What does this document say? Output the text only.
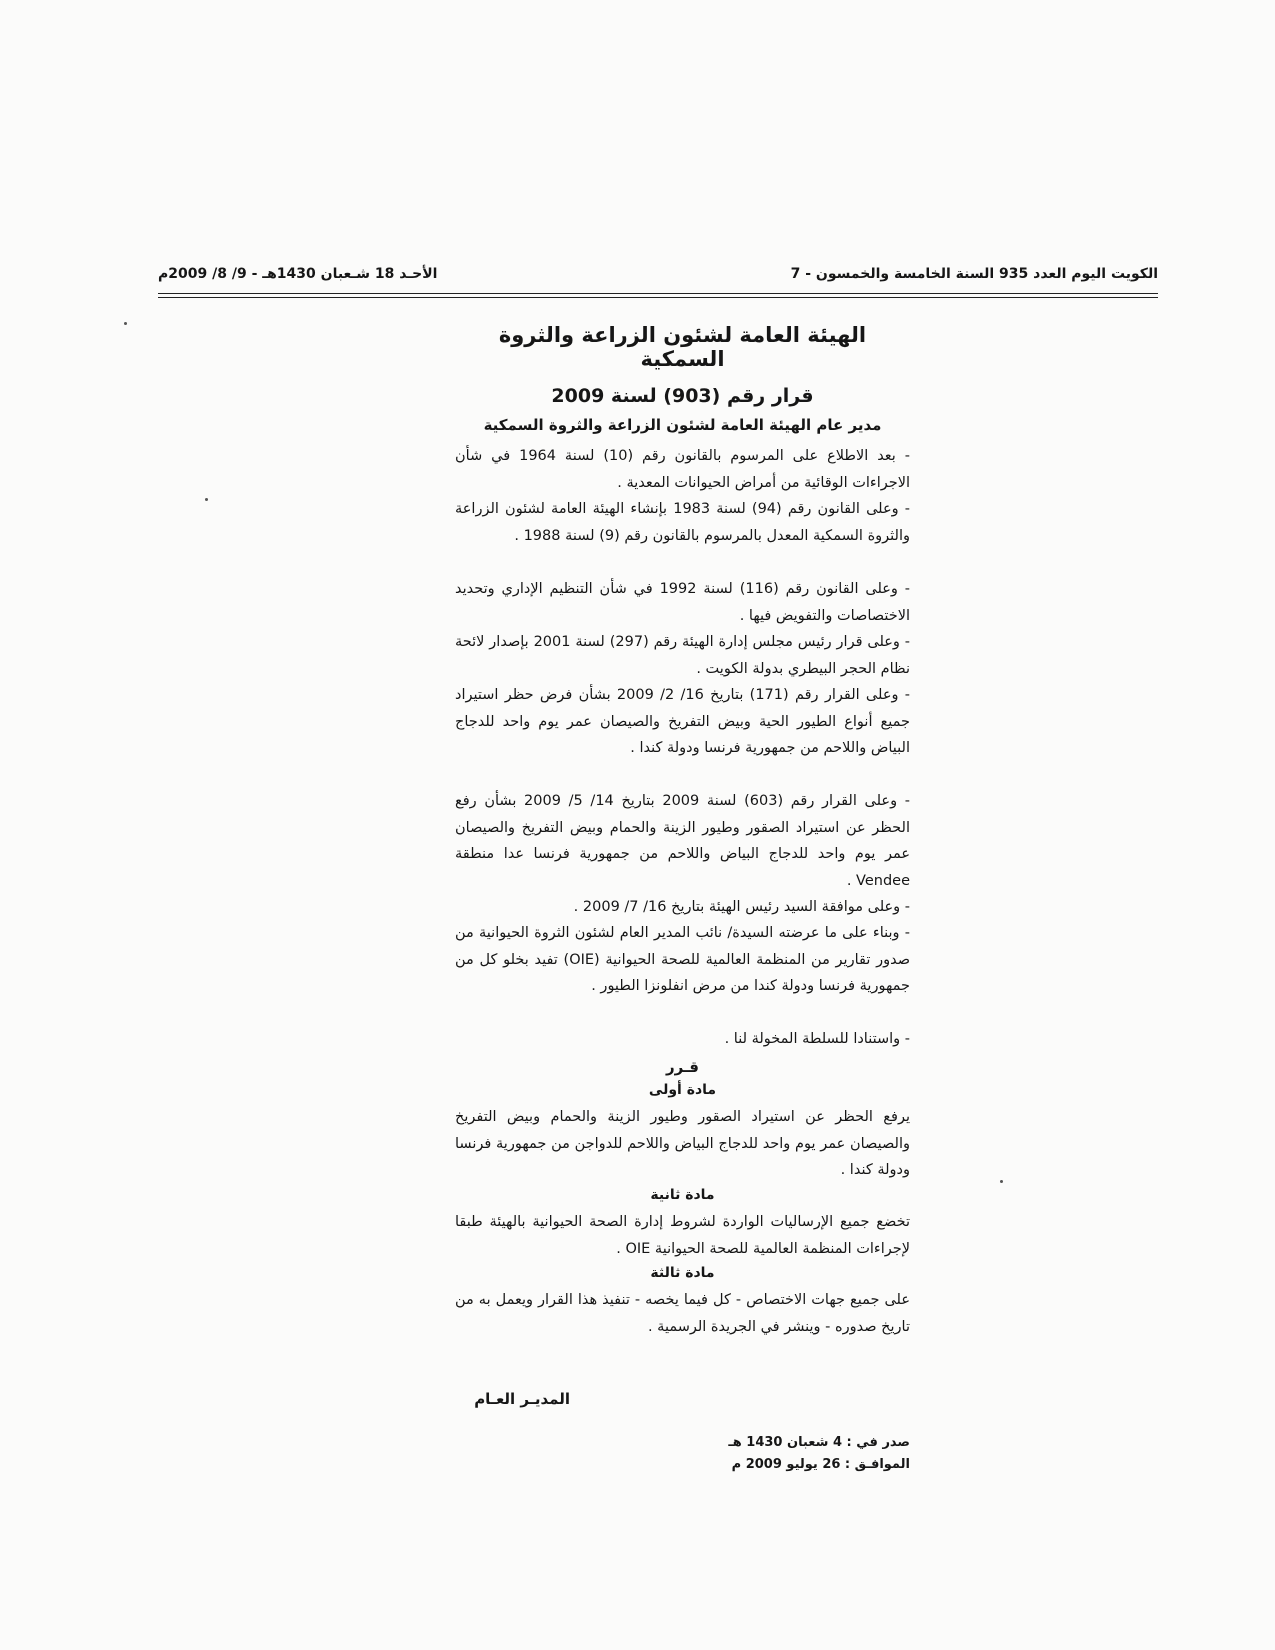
الأحـد 18 شـعبان 1430هـ - 9/ 8/ 2009م	الكويت اليوم العدد 935 السنة الخامسة والخمسون - 7
الهيئة العامة لشئون الزراعة والثروة السمكية
قرار رقم (903) لسنة 2009
مدير عام الهيئة العامة لشئون الزراعة والثروة السمكية

- بعد الاطلاع على المرسوم بالقانون رقم (10) لسنة 1964 في شأن الاجراءات الوقائية من أمراض الحيوانات المعدية .

- وعلى القانون رقم (94) لسنة 1983 بإنشاء الهيئة العامة لشئون الزراعة والثروة السمكية المعدل بالمرسوم بالقانون رقم (9) لسنة 1988 .

- وعلى القانون رقم (116) لسنة 1992 في شأن التنظيم الإداري وتحديد الاختصاصات والتفويض فيها .

- وعلى قرار رئيس مجلس إدارة الهيئة رقم (297) لسنة 2001 بإصدار لائحة نظام الحجر البيطري بدولة الكويت .

- وعلى القرار رقم (171) بتاريخ 16/ 2/ 2009 بشأن فرض حظر استيراد جميع أنواع الطيور الحية وبيض التفريخ والصيصان عمر يوم واحد للدجاج البياض واللاحم من جمهورية فرنسا ودولة كندا .

- وعلى القرار رقم (603) لسنة 2009 بتاريخ 14/ 5/ 2009 بشأن رفع الحظر عن استيراد الصقور وطيور الزينة والحمام وبيض التفريخ والصيصان عمر يوم واحد للدجاج البياض واللاحم من جمهورية فرنسا عدا منطقة Vendee .

- وعلى موافقة السيد رئيس الهيئة بتاريخ 16/ 7/ 2009 .

- وبناء على ما عرضته السيدة/ نائب المدير العام لشئون الثروة الحيوانية من صدور تقارير من المنظمة العالمية للصحة الحيوانية (OIE) تفيد بخلو كل من جمهورية فرنسا ودولة كندا من مرض انفلونزا الطيور .

- واستنادا للسلطة المخولة لنا .

قـرر

مادة أولى

يرفع الحظر عن استيراد الصقور وطيور الزينة والحمام وبيض التفريخ والصيصان عمر يوم واحد للدجاج البياض واللاحم للدواجن من جمهورية فرنسا ودولة كندا .

مادة ثانية

تخضع جميع الإرساليات الواردة لشروط إدارة الصحة الحيوانية بالهيئة طبقا لإجراءات المنظمة العالمية للصحة الحيوانية OIE .

مادة ثالثة

على جميع جهات الاختصاص - كل فيما يخصه - تنفيذ هذا القرار ويعمل به من تاريخ صدوره - وينشر في الجريدة الرسمية .

المديـر العـام
صدر في : 4 شعبان 1430 هـ
الموافـق : 26 يوليو 2009 م
